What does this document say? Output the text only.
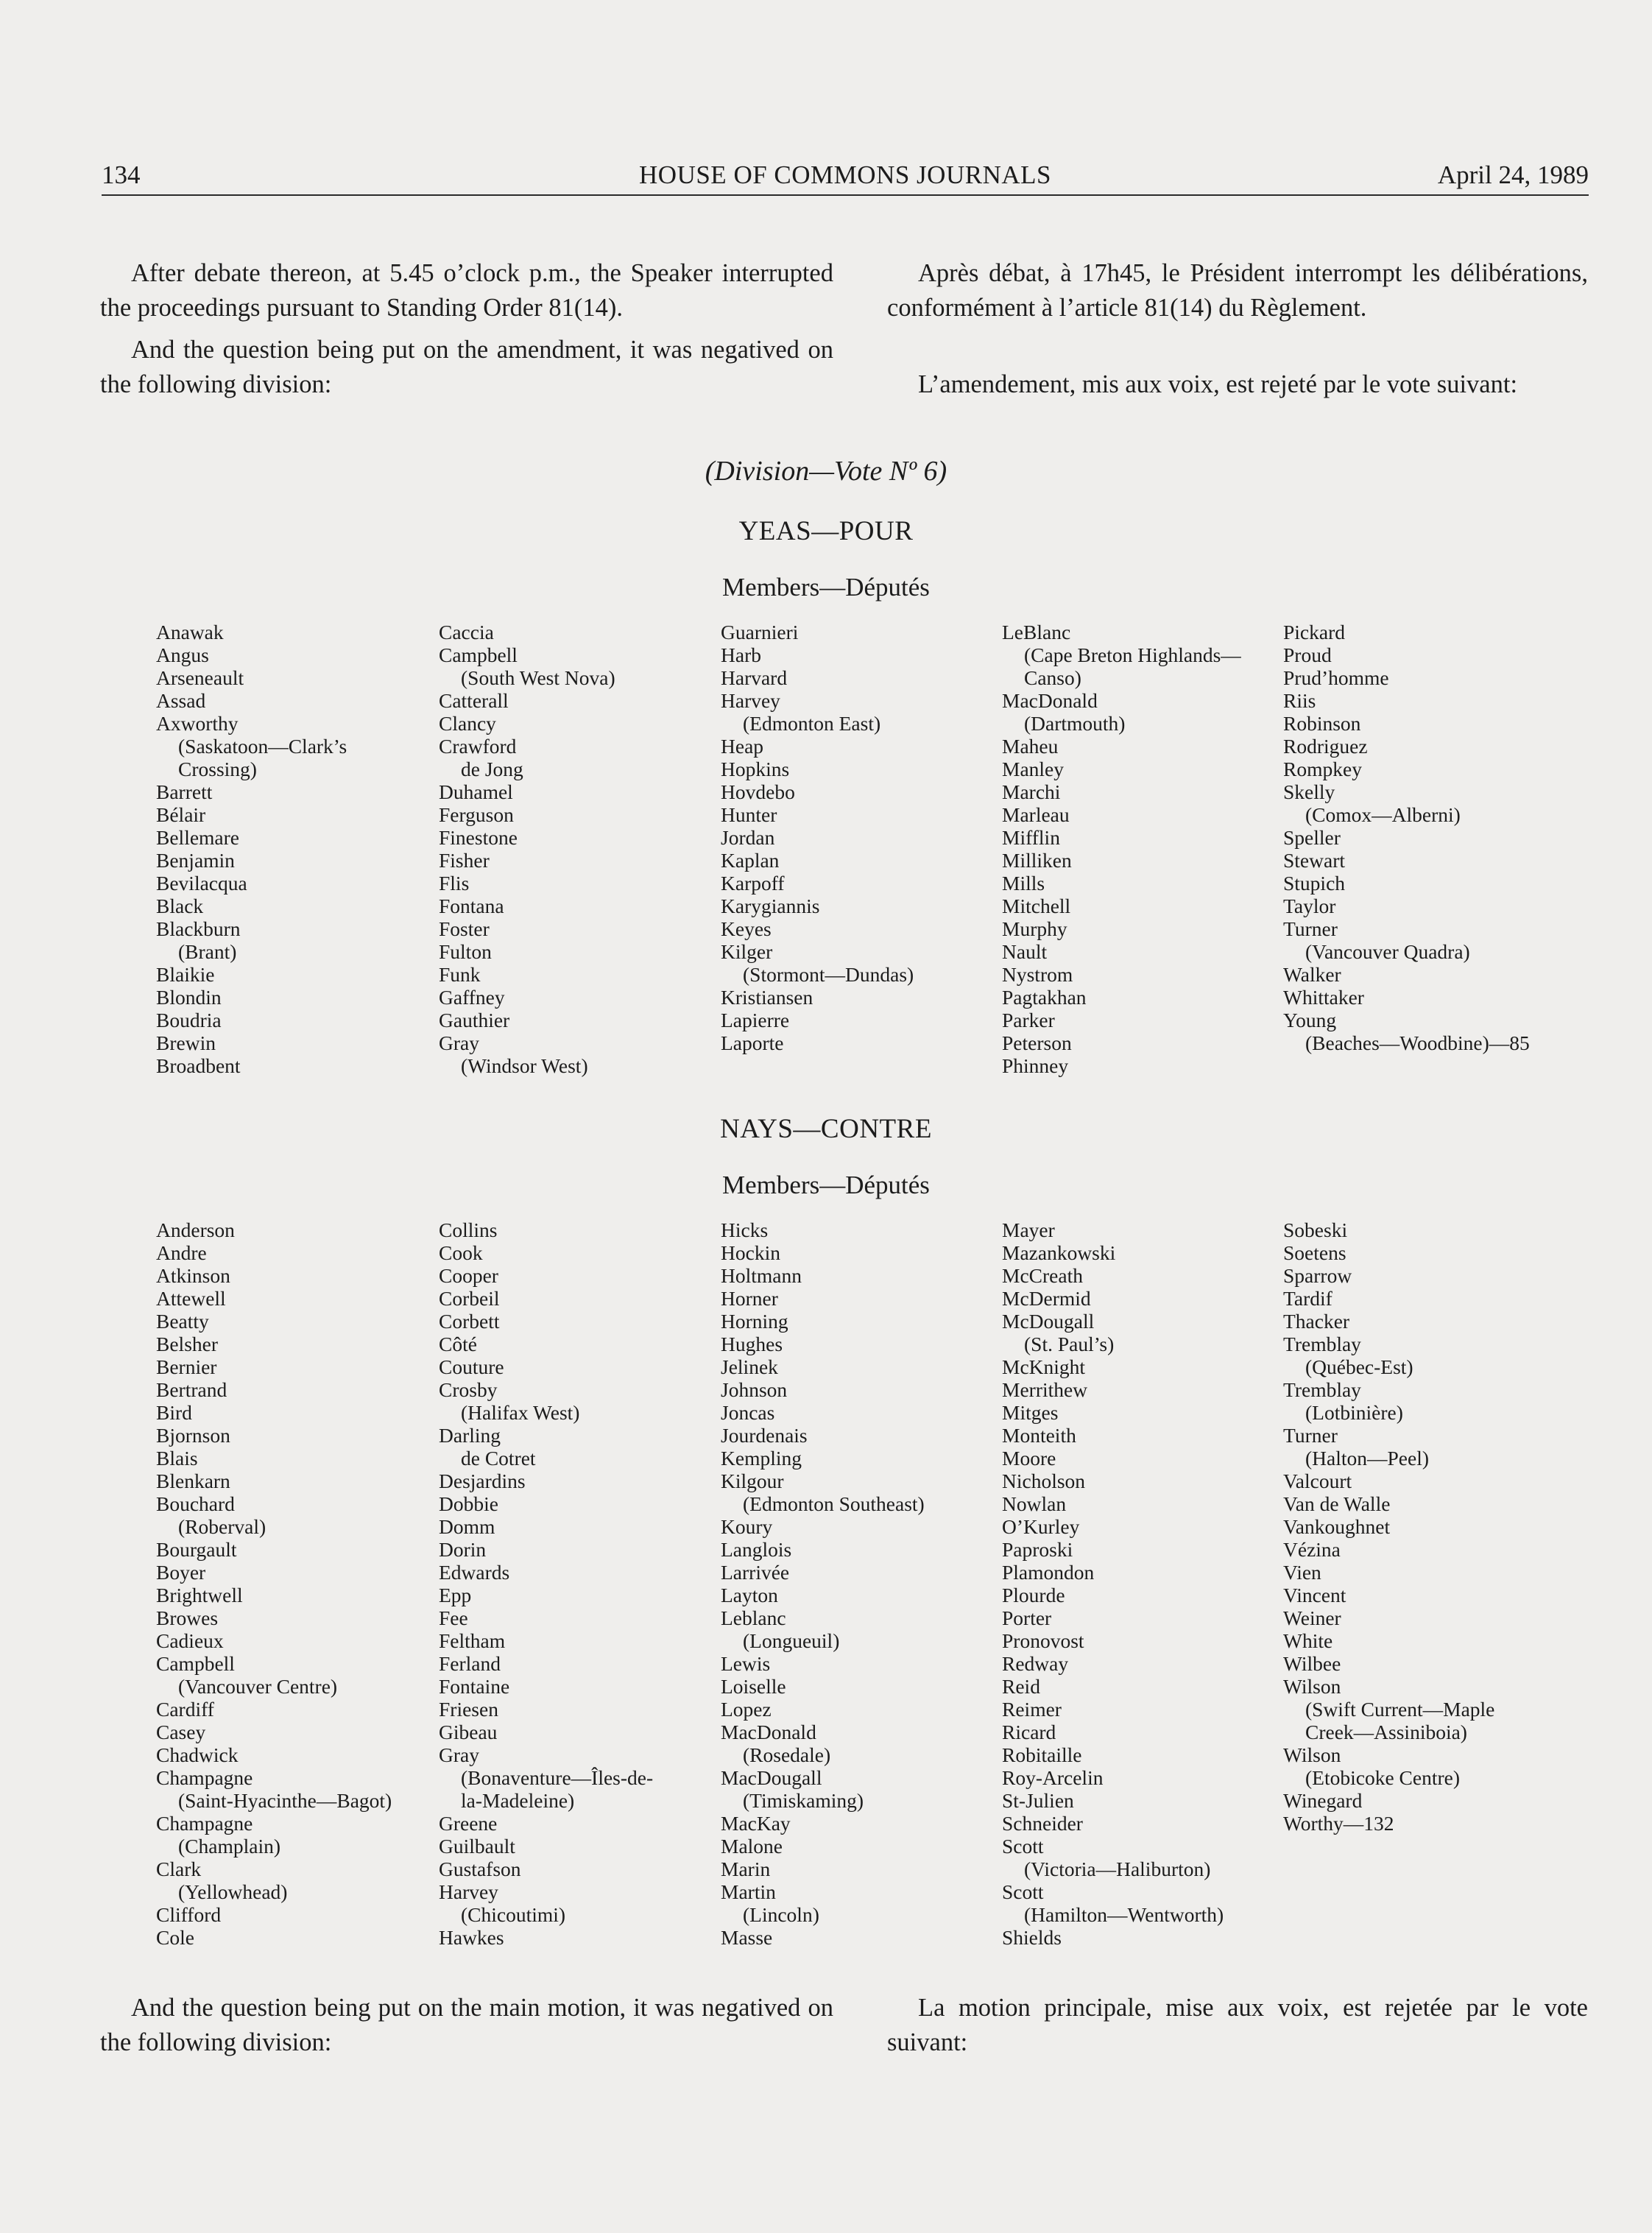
134	HOUSE OF COMMONS JOURNALS	April 24, 1989

After debate thereon, at 5.45 o’clock p.m., the Speaker interrupted the proceedings pursuant to Standing Order 81(14).

And the question being put on the amendment, it was negatived on the following division:

Après débat, à 17h45, le Président interrompt les délibérations, conformément à l’article 81(14) du Règlement.

L’amendement, mis aux voix, est rejeté par le vote suivant:

(Division—Vote Nº 6)
YEAS—POUR
Members—Députés
Anawak
Angus
Arseneault
Assad
Axworthy
(Saskatoon—Clark’s
Crossing)
Barrett
Bélair
Bellemare
Benjamin
Bevilacqua
Black
Blackburn
(Brant)
Blaikie
Blondin
Boudria
Brewin
Broadbent
Caccia
Campbell
(South West Nova)
Catterall
Clancy
Crawford
de Jong
Duhamel
Ferguson
Finestone
Fisher
Flis
Fontana
Foster
Fulton
Funk
Gaffney
Gauthier
Gray
(Windsor West)
Guarnieri
Harb
Harvard
Harvey
(Edmonton East)
Heap
Hopkins
Hovdebo
Hunter
Jordan
Kaplan
Karpoff
Karygiannis
Keyes
Kilger
(Stormont—Dundas)
Kristiansen
Lapierre
Laporte
LeBlanc
(Cape Breton Highlands—
Canso)
MacDonald
(Dartmouth)
Maheu
Manley
Marchi
Marleau
Mifflin
Milliken
Mills
Mitchell
Murphy
Nault
Nystrom
Pagtakhan
Parker
Peterson
Phinney
Pickard
Proud
Prud’homme
Riis
Robinson
Rodriguez
Rompkey
Skelly
(Comox—Alberni)
Speller
Stewart
Stupich
Taylor
Turner
(Vancouver Quadra)
Walker
Whittaker
Young
(Beaches—Woodbine)—85
NAYS—CONTRE
Members—Députés
Anderson
Andre
Atkinson
Attewell
Beatty
Belsher
Bernier
Bertrand
Bird
Bjornson
Blais
Blenkarn
Bouchard
(Roberval)
Bourgault
Boyer
Brightwell
Browes
Cadieux
Campbell
(Vancouver Centre)
Cardiff
Casey
Chadwick
Champagne
(Saint-Hyacinthe—Bagot)
Champagne
(Champlain)
Clark
(Yellowhead)
Clifford
Cole
Collins
Cook
Cooper
Corbeil
Corbett
Côté
Couture
Crosby
(Halifax West)
Darling
de Cotret
Desjardins
Dobbie
Domm
Dorin
Edwards
Epp
Fee
Feltham
Ferland
Fontaine
Friesen
Gibeau
Gray
(Bonaventure—Îles-de-
la-Madeleine)
Greene
Guilbault
Gustafson
Harvey
(Chicoutimi)
Hawkes
Hicks
Hockin
Holtmann
Horner
Horning
Hughes
Jelinek
Johnson
Joncas
Jourdenais
Kempling
Kilgour
(Edmonton Southeast)
Koury
Langlois
Larrivée
Layton
Leblanc
(Longueuil)
Lewis
Loiselle
Lopez
MacDonald
(Rosedale)
MacDougall
(Timiskaming)
MacKay
Malone
Marin
Martin
(Lincoln)
Masse
Mayer
Mazankowski
McCreath
McDermid
McDougall
(St. Paul’s)
McKnight
Merrithew
Mitges
Monteith
Moore
Nicholson
Nowlan
O’Kurley
Paproski
Plamondon
Plourde
Porter
Pronovost
Redway
Reid
Reimer
Ricard
Robitaille
Roy-Arcelin
St-Julien
Schneider
Scott
(Victoria—Haliburton)
Scott
(Hamilton—Wentworth)
Shields
Sobeski
Soetens
Sparrow
Tardif
Thacker
Tremblay
(Québec-Est)
Tremblay
(Lotbinière)
Turner
(Halton—Peel)
Valcourt
Van de Walle
Vankoughnet
Vézina
Vien
Vincent
Weiner
White
Wilbee
Wilson
(Swift Current—Maple
Creek—Assiniboia)
Wilson
(Etobicoke Centre)
Winegard
Worthy—132

And the question being put on the main motion, it was negatived on the following division:

La motion principale, mise aux voix, est rejetée par le vote suivant:
